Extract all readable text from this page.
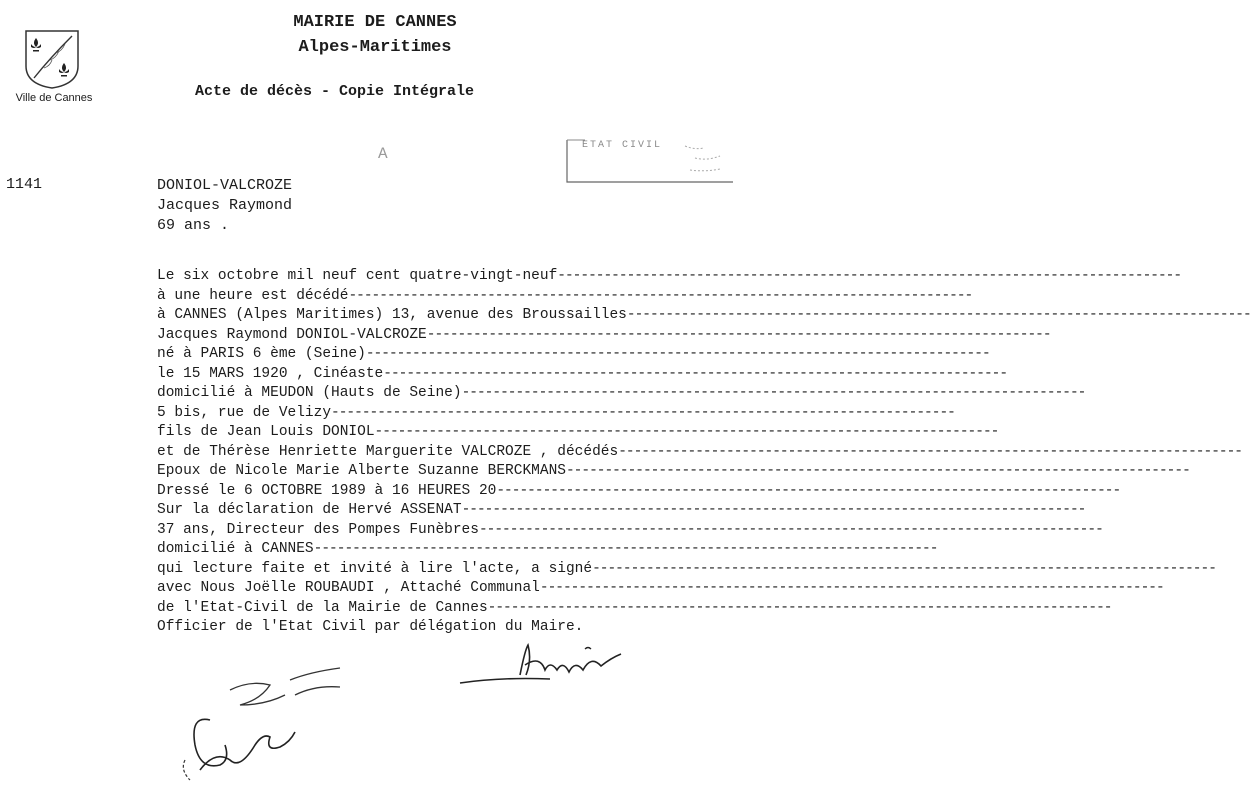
Ville de Cannes
MAIRIE DE CANNES
Alpes-Maritimes
Acte de décès - Copie Intégrale
A	ETAT CIVIL
1141	DONIOL-VALCROZE
Jacques Raymond
69 ans .
Le six octobre mil neuf cent quatre-vingt-neuf ---------------------------------------------------------------------------------
à une heure est décédé ---------------------------------------------------------------------------------
à CANNES (Alpes Maritimes) 13, avenue des Broussailles ---------------------------------------------------------------------------------
Jacques Raymond DONIOL-VALCROZE ---------------------------------------------------------------------------------
né à PARIS 6 ème (Seine) ---------------------------------------------------------------------------------
le 15 MARS 1920 , Cinéaste ---------------------------------------------------------------------------------
domicilié à MEUDON (Hauts de Seine) ---------------------------------------------------------------------------------
5 bis, rue de Velizy ---------------------------------------------------------------------------------
fils de Jean Louis DONIOL ---------------------------------------------------------------------------------
et de Thérèse Henriette Marguerite VALCROZE , décédés ---------------------------------------------------------------------------------
Epoux de Nicole Marie Alberte Suzanne BERCKMANS ---------------------------------------------------------------------------------
Dressé le 6 OCTOBRE 1989 à 16 HEURES 20 ---------------------------------------------------------------------------------
Sur la déclaration de Hervé ASSENAT ---------------------------------------------------------------------------------
37 ans, Directeur des Pompes Funèbres ---------------------------------------------------------------------------------
domicilié à CANNES ---------------------------------------------------------------------------------
qui lecture faite et invité à lire l'acte, a signé ---------------------------------------------------------------------------------
avec Nous Joëlle ROUBAUDI , Attaché Communal ---------------------------------------------------------------------------------
de l'Etat-Civil de la Mairie de Cannes ---------------------------------------------------------------------------------
Officier de l'Etat Civil par délégation du Maire.
